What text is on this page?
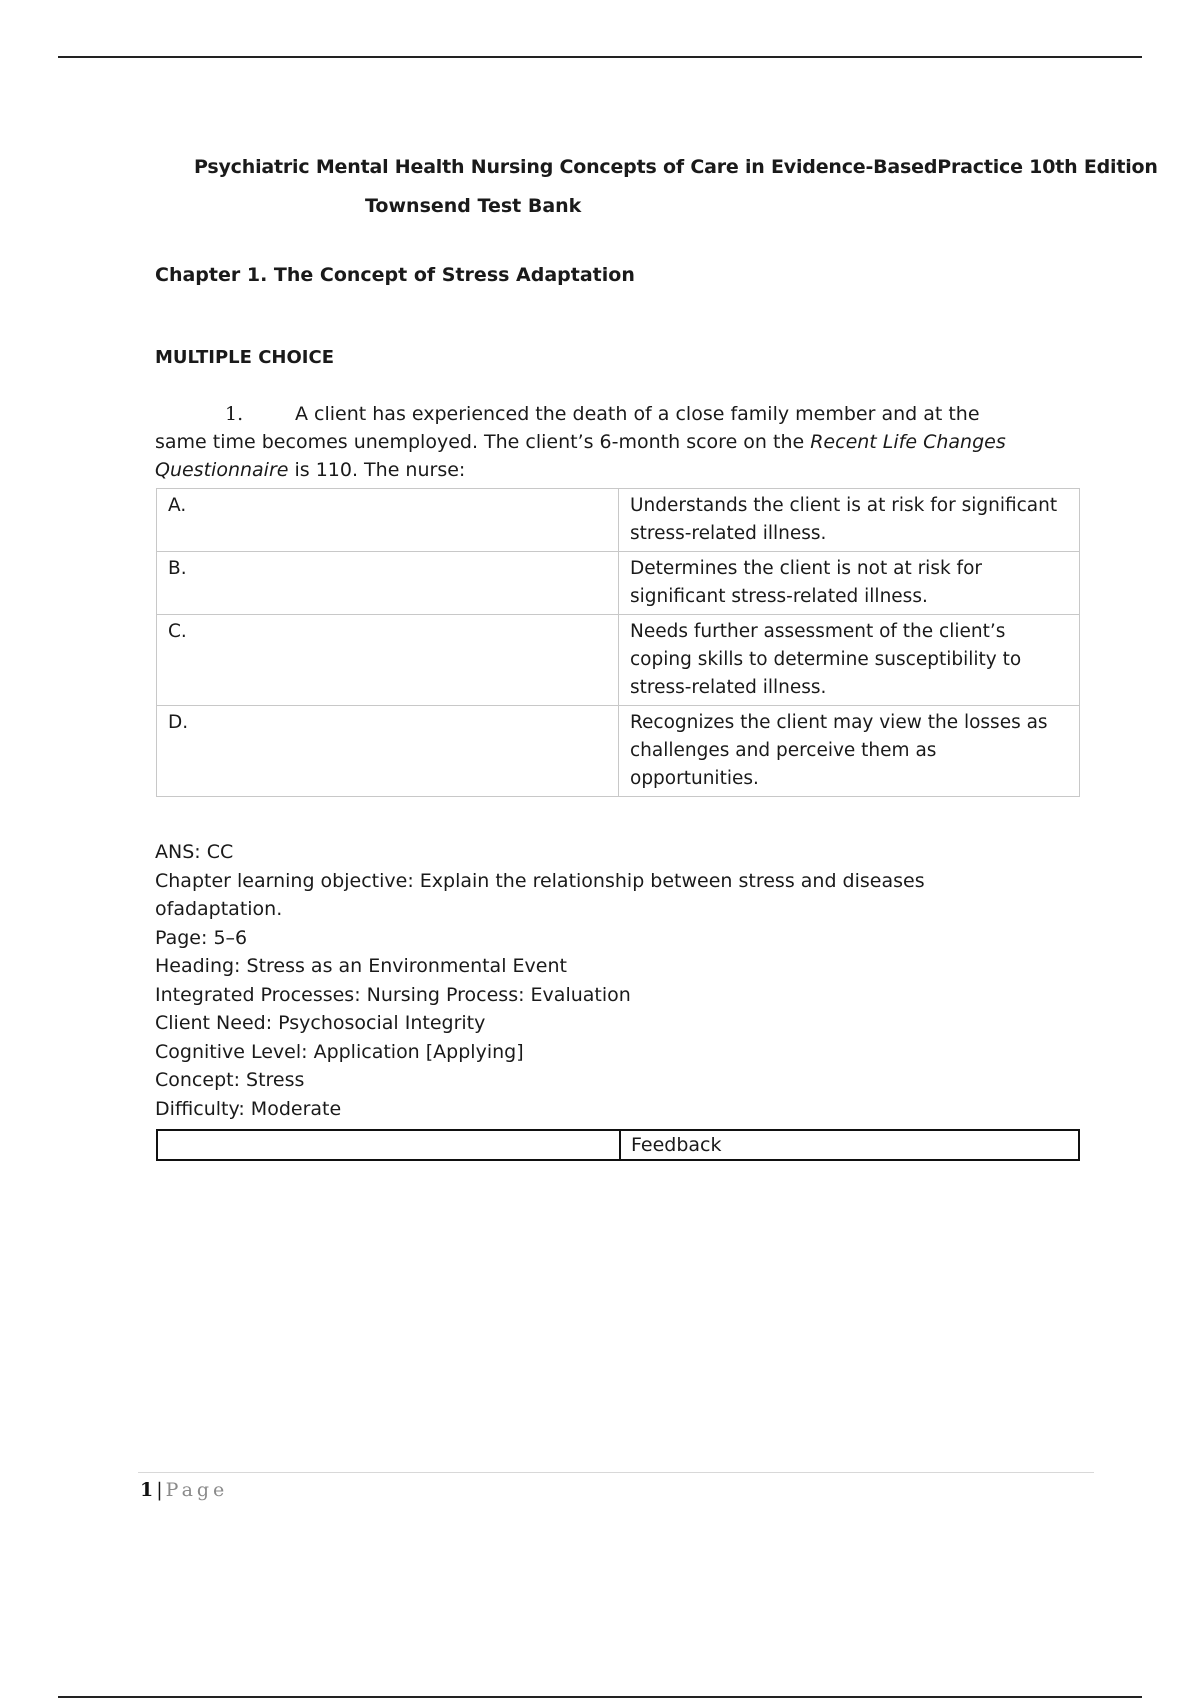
Psychiatric Mental Health Nursing Concepts of Care in Evidence-BasedPractice 10th Edition
Townsend Test Bank
Chapter 1. The Concept of Stress Adaptation
MULTIPLE CHOICE
1.	A client has experienced the death of a close family member and at the same time becomes unemployed. The client’s 6-month score on the Recent Life Changes Questionnaire is 110. The nurse:
A.	Understands the client is at risk for significant stress-related illness.
B.	Determines the client is not at risk for significant stress-related illness.
C.	Needs further assessment of the client’s coping skills to determine susceptibility to stress-related illness.
D.	Recognizes the client may view the losses as challenges and perceive them as opportunities.
ANS: CC
Chapter learning objective: Explain the relationship between stress and diseases
ofadaptation.
Page: 5–6
Heading: Stress as an Environmental Event
Integrated Processes: Nursing Process: Evaluation
Client Need: Psychosocial Integrity
Cognitive Level: Application [Applying]
Concept: Stress
Difficulty: Moderate
	Feedback
1 | Page
